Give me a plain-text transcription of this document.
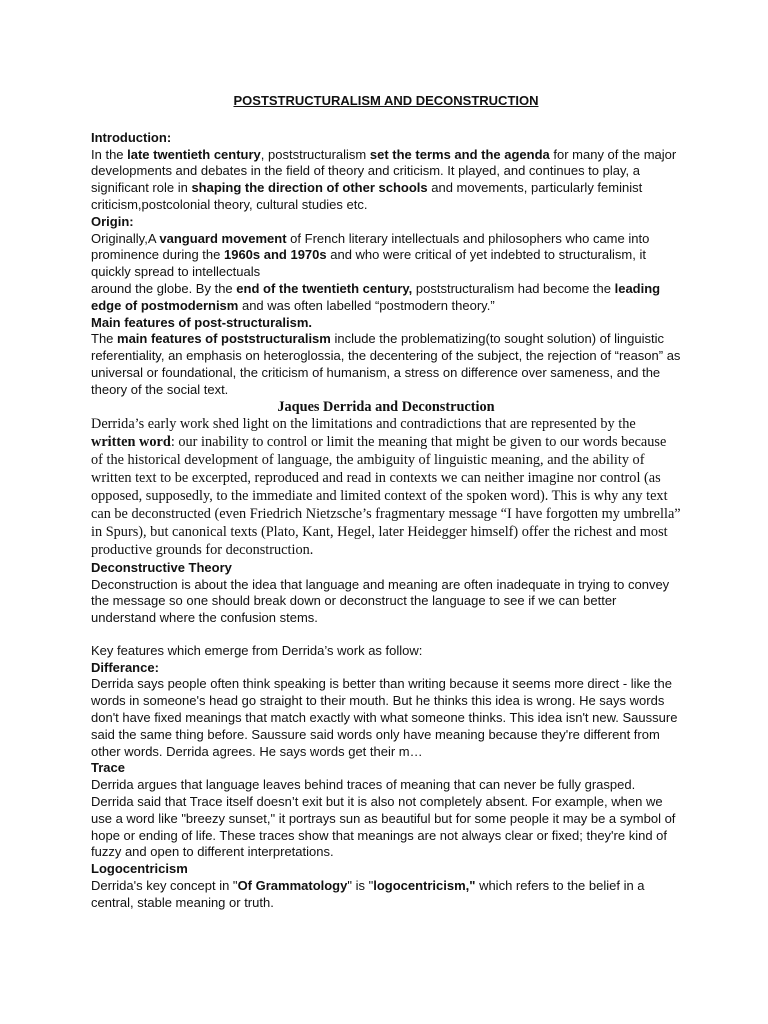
POSTSTRUCTURALISM AND DECONSTRUCTION

Introduction:

In the late twentieth century, poststructuralism set the terms and the agenda for many of the major developments and debates in the field of theory and criticism. It played, and continues to play, a significant role in shaping the direction of other schools and movements, particularly feminist criticism,postcolonial theory, cultural studies etc.

Origin:

Originally,A vanguard movement of French literary intellectuals and philosophers who came into prominence during the 1960s and 1970s and who were critical of yet indebted to structuralism, it quickly spread to intellectuals

around the globe. By the end of the twentieth century, poststructuralism had become the leading edge of postmodernism and was often labelled “postmodern theory.”

Main features of post-structuralism.

The main features of poststructuralism include the problematizing(to sought solution) of linguistic referentiality, an emphasis on heteroglossia, the decentering of the subject, the rejection of “reason” as universal or foundational, the criticism of humanism, a stress on difference over sameness, and the theory of the social text.

Jaques Derrida and Deconstruction

Derrida’s early work shed light on the limitations and contradictions that are represented by the written word: our inability to control or limit the meaning that might be given to our words because of the historical development of language, the ambiguity of linguistic meaning, and the ability of written text to be excerpted, reproduced and read in contexts we can neither imagine nor control (as opposed, supposedly, to the immediate and limited context of the spoken word). This is why any text can be deconstructed (even Friedrich Nietzsche’s fragmentary message “I have forgotten my umbrella” in Spurs), but canonical texts (Plato, Kant, Hegel, later Heidegger himself) offer the richest and most productive grounds for deconstruction.

Deconstructive Theory

Deconstruction is about the idea that language and meaning are often inadequate in trying to convey the message so one should break down or deconstruct the language to see if we can better understand where the confusion stems.

Key features which emerge from Derrida’s work as follow:

Differance:

Derrida says people often think speaking is better than writing because it seems more direct - like the words in someone's head go straight to their mouth. But he thinks this idea is wrong. He says words don't have fixed meanings that match exactly with what someone thinks. This idea isn't new. Saussure said the same thing before. Saussure said words only have meaning because they're different from other words. Derrida agrees. He says words get their m…

Trace

Derrida argues that language leaves behind traces of meaning that can never be fully grasped. Derrida said that Trace itself doesn’t exit but it is also not completely absent. For example, when we use a word like "breezy sunset," it portrays sun as beautiful but for some people it may be a symbol of hope or ending of life. These traces show that meanings are not always clear or fixed; they're kind of fuzzy and open to different interpretations.

Logocentricism

Derrida's key concept in "Of Grammatology" is "logocentricism," which refers to the belief in a central, stable meaning or truth.
